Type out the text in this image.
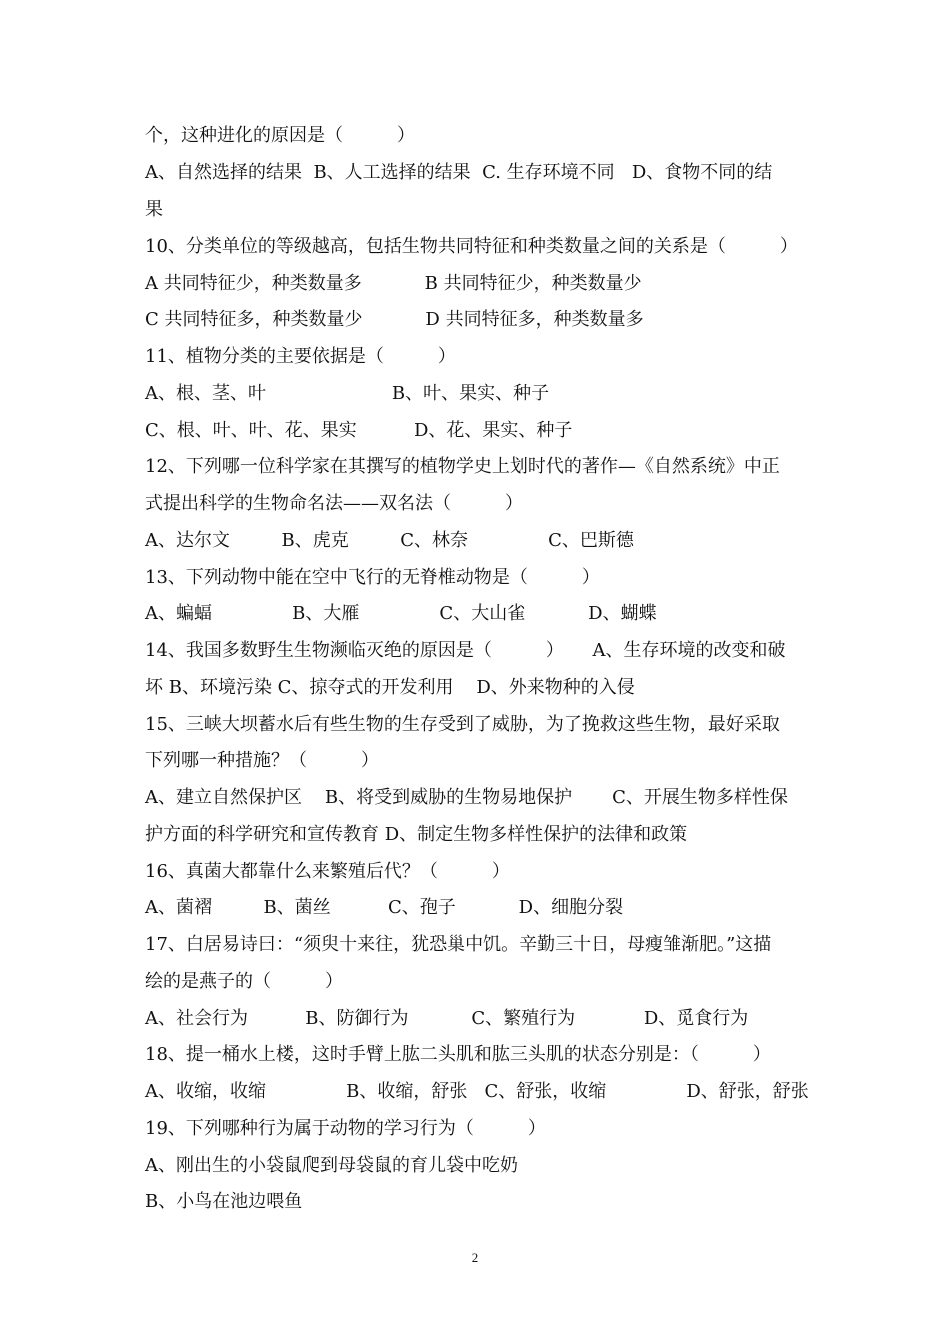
个，这种进化的原因是（　　　）
A、自然选择的结果  B、人工选择的结果  C. 生存环境不同   D、食物不同的结
果
10、分类单位的等级越高，包括生物共同特征和种类数量之间的关系是（　　　）
A 共同特征少，种类数量多           B 共同特征少，种类数量少
C 共同特征多，种类数量少           D 共同特征多，种类数量多
11、植物分类的主要依据是（　　　）
A、根、茎、叶                      B、叶、果实、种子
C、根、叶、叶、花、果实          D、花、果实、种子
12、下列哪一位科学家在其撰写的植物学史上划时代的著作—《自然系统》中正
式提出科学的生物命名法——双名法（　　　）
A、达尔文         B、虎克         C、林奈              C、巴斯德
13、下列动物中能在空中飞行的无脊椎动物是（　　　）
A、蝙蝠              B、大雁              C、大山雀           D、蝴蝶
14、我国多数野生生物濒临灭绝的原因是（　　　）     A、生存环境的改变和破
坏 B、环境污染 C、掠夺式的开发利用    D、外来物种的入侵
15、三峡大坝蓄水后有些生物的生存受到了威胁，为了挽救这些生物，最好采取
下列哪一种措施？（　　　）
A、建立自然保护区    B、将受到威胁的生物易地保护       C、开展生物多样性保
护方面的科学研究和宣传教育 D、制定生物多样性保护的法律和政策
16、真菌大都靠什么来繁殖后代？（　　　）
A、菌褶         B、菌丝          C、孢子           D、细胞分裂
17、白居易诗曰：“须臾十来往，犹恐巢中饥。辛勤三十日，母瘦雏渐肥。”这描
绘的是燕子的（　　　）
A、社会行为          B、防御行为           C、繁殖行为            D、觅食行为
18、提一桶水上楼，这时手臂上肱二头肌和肱三头肌的状态分别是：（　　　）
A、收缩，收缩              B、收缩，舒张   C、舒张，收缩              D、舒张，舒张
19、下列哪种行为属于动物的学习行为（　　　）
A、刚出生的小袋鼠爬到母袋鼠的育儿袋中吃奶
B、小鸟在池边喂鱼
2
